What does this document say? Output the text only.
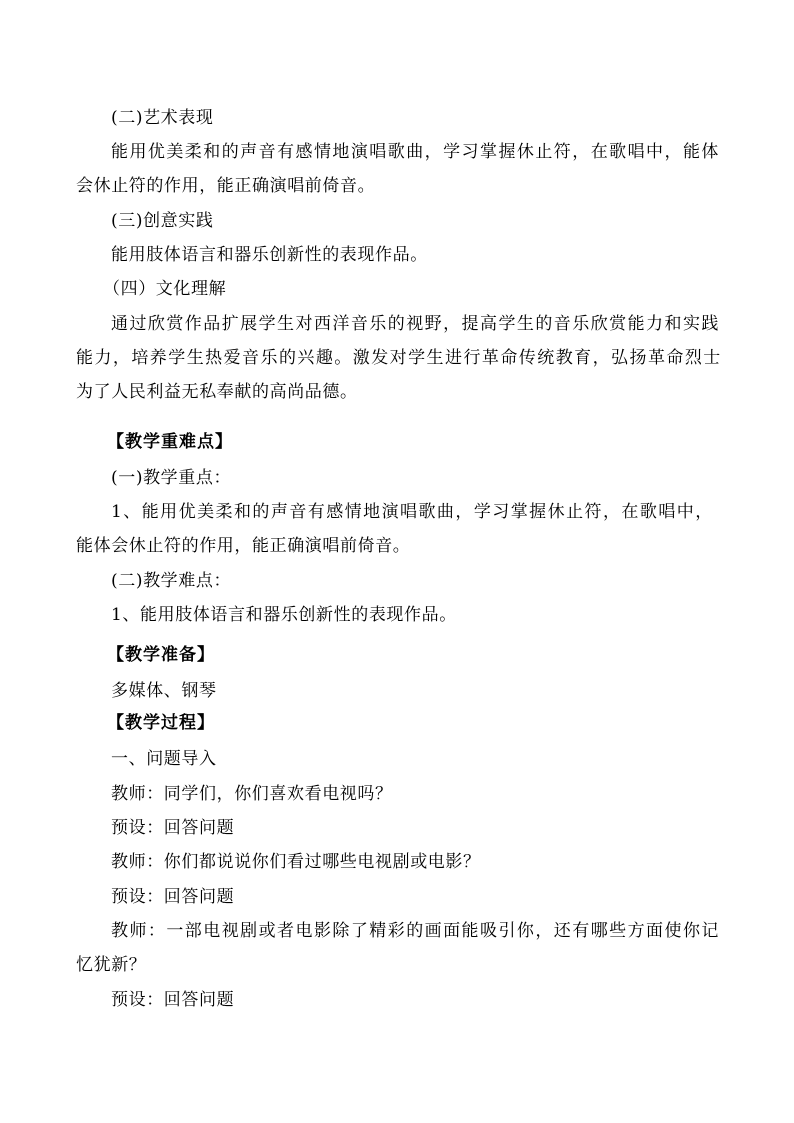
(二)艺术表现
能用优美柔和的声音有感情地演唱歌曲，学习掌握休止符，在歌唱中，能体
会休止符的作用，能正确演唱前倚音。
(三)创意实践
能用肢体语言和器乐创新性的表现作品。
（四）文化理解
通过欣赏作品扩展学生对西洋音乐的视野，提高学生的音乐欣赏能力和实践
能力，培养学生热爱音乐的兴趣。激发对学生进行革命传统教育，弘扬革命烈士
为了人民利益无私奉献的高尚品德。
【教学重难点】
(一)教学重点：
1、能用优美柔和的声音有感情地演唱歌曲，学习掌握休止符，在歌唱中，
能体会休止符的作用，能正确演唱前倚音。
(二)教学难点：
1、能用肢体语言和器乐创新性的表现作品。
【教学准备】
多媒体、钢琴
【教学过程】
一、问题导入
教师：同学们，你们喜欢看电视吗？
预设：回答问题
教师：你们都说说你们看过哪些电视剧或电影？
预设：回答问题
教师：一部电视剧或者电影除了精彩的画面能吸引你，还有哪些方面使你记
忆犹新？
预设：回答问题
